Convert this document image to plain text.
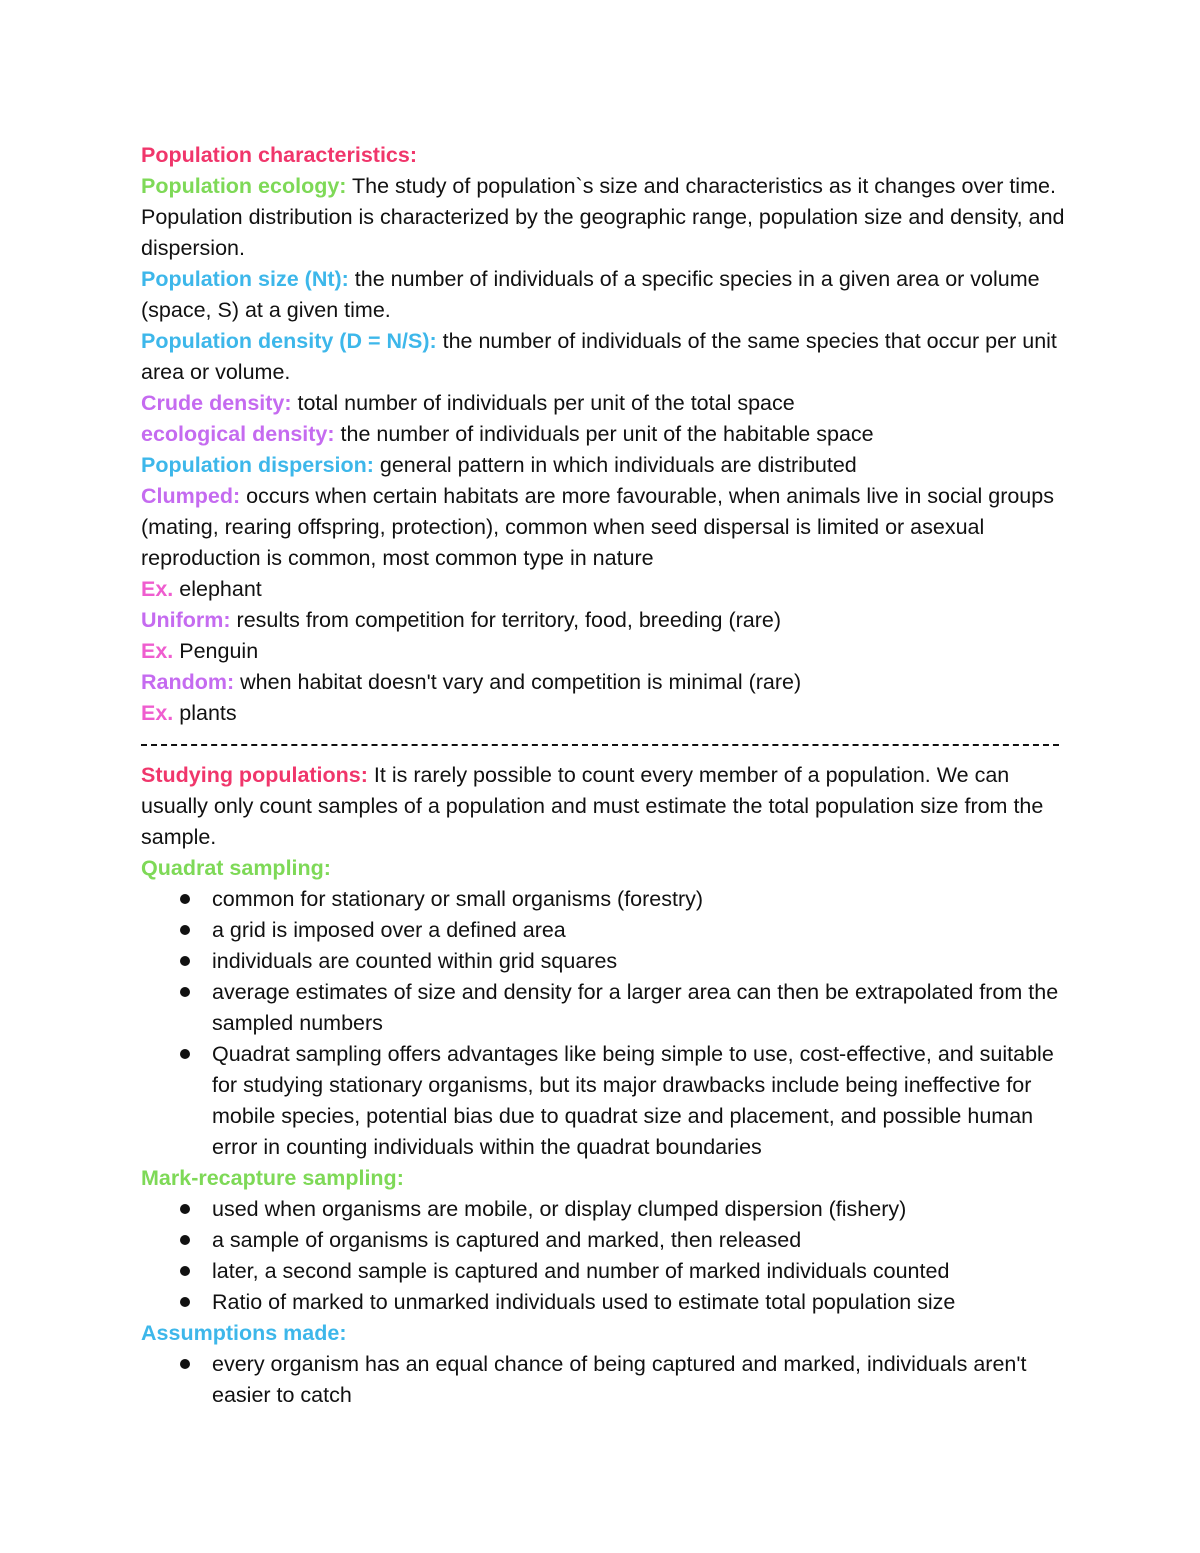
Population characteristics:

Population ecology: The study of population`s size and characteristics as it changes over time. Population distribution is characterized by the geographic range, population size and density, and dispersion.

Population size (Nt): the number of individuals of a specific species in a given area or volume (space, S) at a given time.

Population density (D = N/S): the number of individuals of the same species that occur per unit area or volume.

Crude density: total number of individuals per unit of the total space

ecological density: the number of individuals per unit of the habitable space

Population dispersion: general pattern in which individuals are distributed

Clumped: occurs when certain habitats are more favourable, when animals live in social groups (mating, rearing offspring, protection), common when seed dispersal is limited or asexual reproduction is common, most common type in nature

Ex. elephant

Uniform: results from competition for territory, food, breeding (rare)

Ex. Penguin

Random: when habitat doesn't vary and competition is minimal (rare)

Ex. plants

Studying populations: It is rarely possible to count every member of a population. We can usually only count samples of a population and must estimate the total population size from the sample.

Quadrat sampling:

common for stationary or small organisms (forestry)
a grid is imposed over a defined area
individuals are counted within grid squares
average estimates of size and density for a larger area can then be extrapolated from the sampled numbers
Quadrat sampling offers advantages like being simple to use, cost-effective, and suitable for studying stationary organisms, but its major drawbacks include being ineffective for mobile species, potential bias due to quadrat size and placement, and possible human error in counting individuals within the quadrat boundaries

Mark-recapture sampling:

used when organisms are mobile, or display clumped dispersion (fishery)
a sample of organisms is captured and marked, then released
later, a second sample is captured and number of marked individuals counted
Ratio of marked to unmarked individuals used to estimate total population size

Assumptions made:

every organism has an equal chance of being captured and marked, individuals aren't easier to catch
